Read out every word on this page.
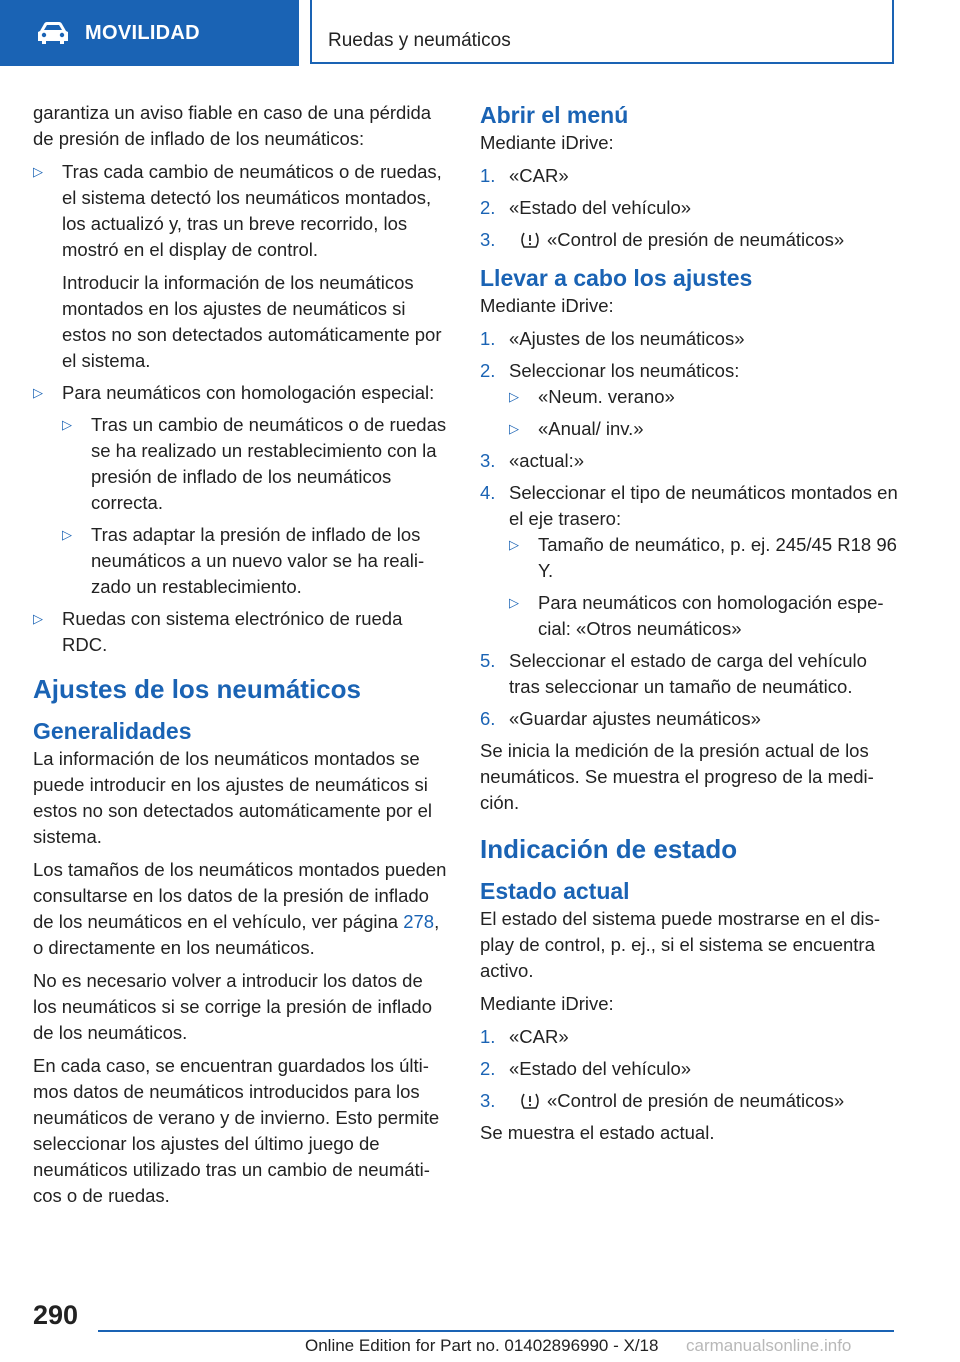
MOVILIDAD	Ruedas y neumáticos

garantiza un aviso fiable en caso de una pérdida de presión de inflado de los neumáticos:

▷ Tras cada cambio de neumáticos o de ruedas, el sistema detectó los neumáticos montados, los actualizó y, tras un breve recorrido, los mostró en el display de control.

Introducir la información de los neumáticos montados en los ajustes de neumáticos si estos no son detectados automáticamente por el sistema.

▷ Para neumáticos con homologación especial:
▷ Tras un cambio de neumáticos o de ruedas se ha realizado un restablecimiento con la presión de inflado de los neumáticos correcta.
▷ Tras adaptar la presión de inflado de los neumáticos a un nuevo valor se ha realizado un restablecimiento.
▷ Ruedas con sistema electrónico de rueda RDC.
Ajustes de los neumáticos
Generalidades

La información de los neumáticos montados se puede introducir en los ajustes de neumáticos si estos no son detectados automáticamente por el sistema.

Los tamaños de los neumáticos montados pueden consultarse en los datos de la presión de inflado de los neumáticos en el vehículo, ver página 278, o directamente en los neumáticos.

No es necesario volver a introducir los datos de los neumáticos si se corrige la presión de inflado de los neumáticos.

En cada caso, se encuentran guardados los últimos datos de neumáticos introducidos para los neumáticos de verano y de invierno. Esto permite seleccionar los ajustes del último juego de neumáticos utilizado tras un cambio de neumáticos o de ruedas.

Abrir el menú

Mediante iDrive:

1. «CAR»
2. «Estado del vehículo»
3.	«Control de presión de neumáticos»
Llevar a cabo los ajustes

Mediante iDrive:

1. «Ajustes de los neumáticos»
2. Seleccionar los neumáticos:
▷ «Neum. verano»
▷ «Anual/ inv.»
3. «actual:»
4. Seleccionar el tipo de neumáticos montados en el eje trasero:
▷ Tamaño de neumático, p. ej. 245/45 R18 96 Y.
▷ Para neumáticos con homologación especial: «Otros neumáticos»
5. Seleccionar el estado de carga del vehículo tras seleccionar un tamaño de neumático.
6. «Guardar ajustes neumáticos»

Se inicia la medición de la presión actual de los neumáticos. Se muestra el progreso de la medición.

Indicación de estado
Estado actual

El estado del sistema puede mostrarse en el display de control, p. ej., si el sistema se encuentra activo.

Mediante iDrive:

1. «CAR»
2. «Estado del vehículo»
3.	«Control de presión de neumáticos»

Se muestra el estado actual.

290
Online Edition for Part no. 01402896990 - X/18 carmanualsonline.info
